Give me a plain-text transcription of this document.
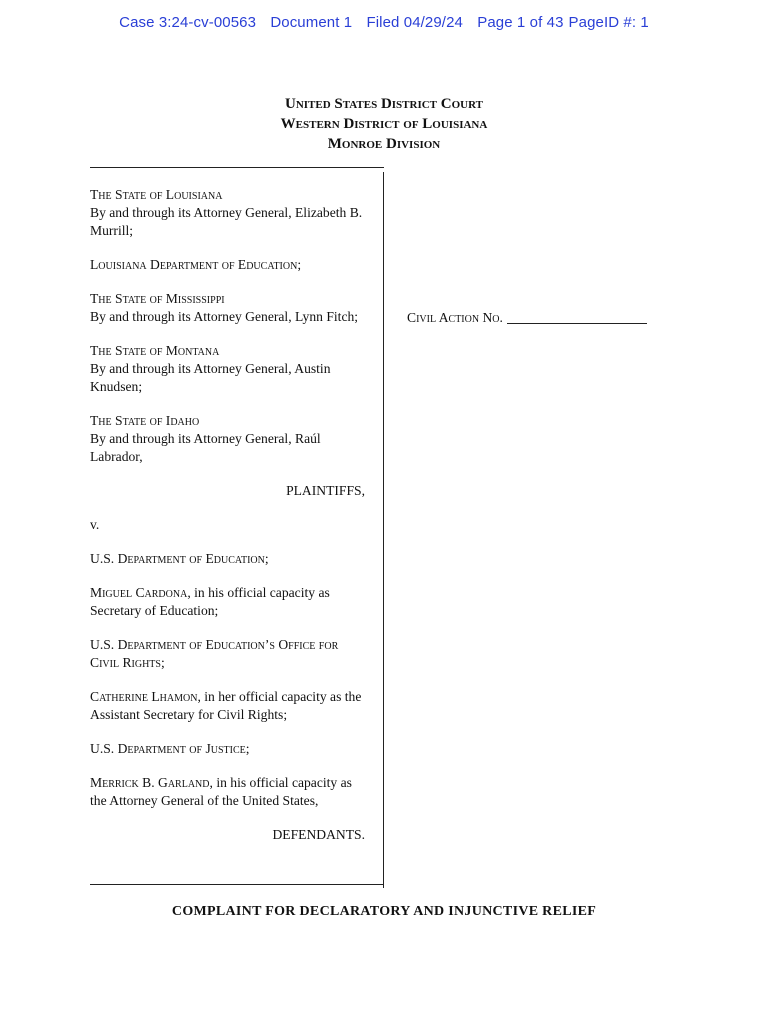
Case 3:24-cv-00563 Document 1 Filed 04/29/24 Page 1 of 43 PageID #: 1
United States District Court
Western District of Louisiana
Monroe Division
The State of Louisiana
By and through its Attorney General, Elizabeth B. Murrill;
Louisiana Department of Education;
The State of Mississippi
By and through its Attorney General, Lynn Fitch;
The State of Montana
By and through its Attorney General, Austin Knudsen;
The State of Idaho
By and through its Attorney General, Raúl Labrador,
PLAINTIFFS,
v.
U.S. Department of Education;
Miguel Cardona, in his official capacity as Secretary of Education;
U.S. Department of Education’s Office for Civil Rights;
Catherine Lhamon, in her official capacity as the Assistant Secretary for Civil Rights;
U.S. Department of Justice;
Merrick B. Garland, in his official capacity as the Attorney General of the United States,
DEFENDANTS.
Civil Action No.
COMPLAINT FOR DECLARATORY AND INJUNCTIVE RELIEF
